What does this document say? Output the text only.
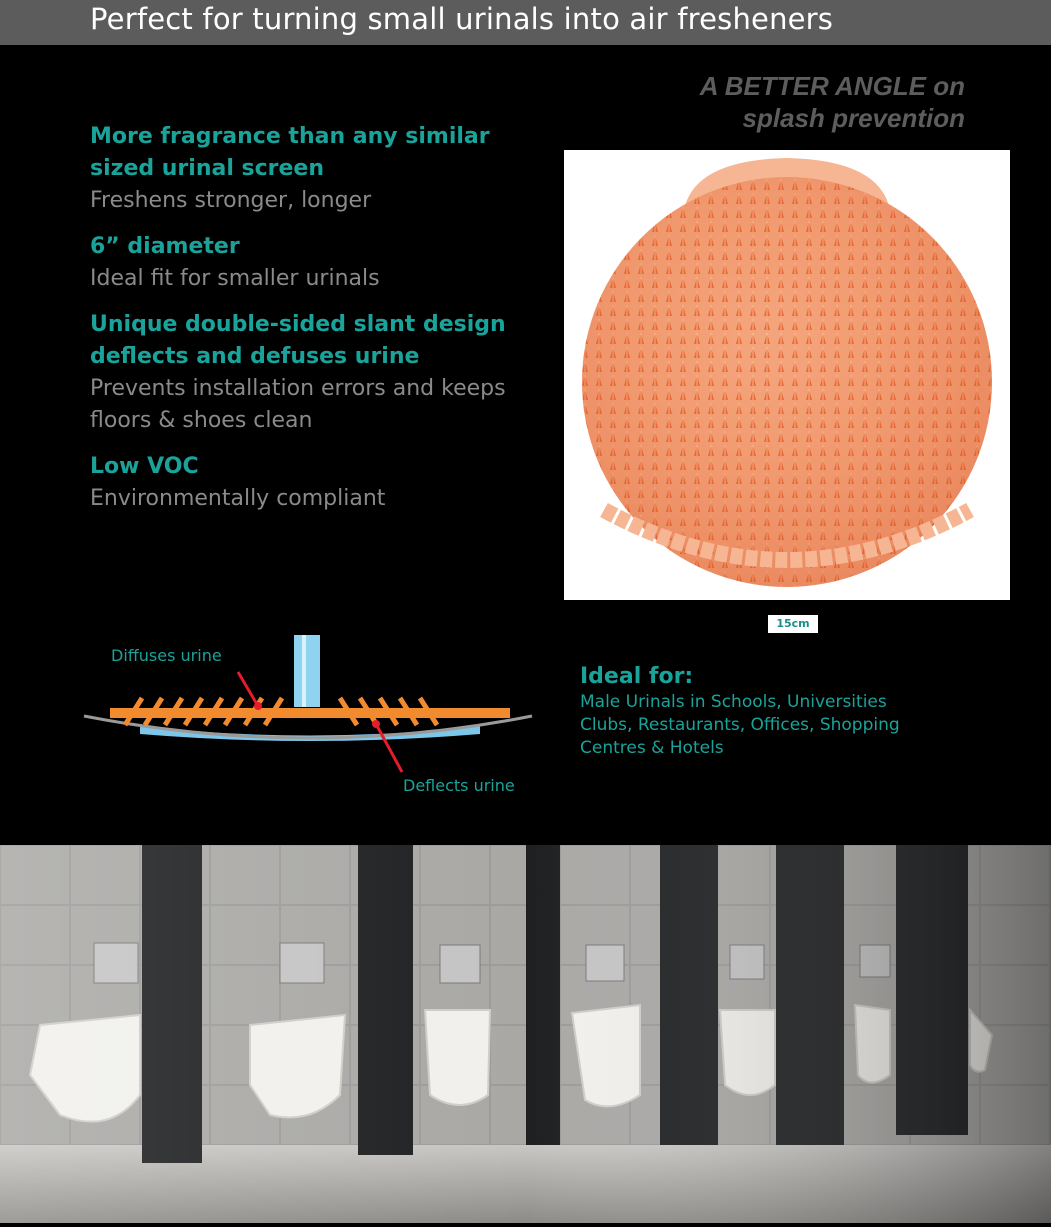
Perfect for turning small urinals into air fresheners
A BETTER ANGLE on
splash prevention
More fragrance than any similar sized urinal screen
Freshens stronger, longer
6” diameter
Ideal fit for smaller urinals
Unique double-sided slant design deflects and defuses urine
Prevents installation errors and keeps floors & shoes clean
Low VOC
Environmentally compliant
15cm
Diffuses urine
Deflects urine
Ideal for:
Male Urinals in Schools, Universities Clubs, Restaurants, Offices, Shopping Centres & Hotels
